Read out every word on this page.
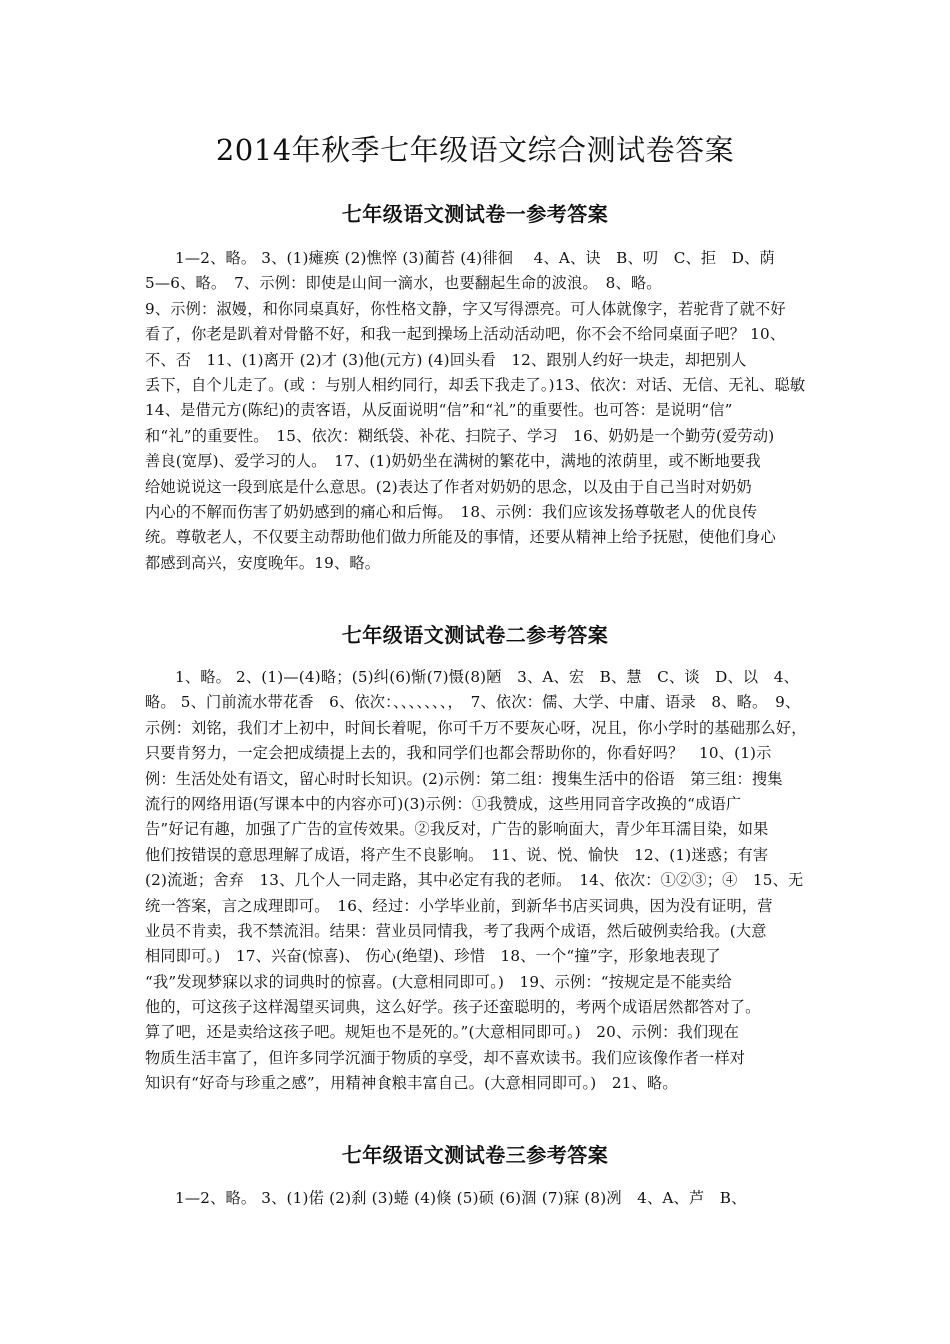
2014年秋季七年级语文综合测试卷答案
七年级语文测试卷一参考答案
1—2、略。 3、(1)瘫痪 (2)憔悴 (3)蔺苔 (4)徘徊　 4、A、诀　B、叨　C、拒　D、荫
5—6、略。　7、示例：即使是山间一滴水，也要翻起生命的波浪。　8、略。
9、示例：淑嫚，和你同桌真好，你性格文静，字又写得漂亮。可人体就像字，若驼背了就不好
看了，你老是趴着对骨骼不好，和我一起到操场上活动活动吧，你不会不给同桌面子吧？ 10、
不、否　11、(1)离开 (2)才 (3)他(元方) (4)回头看　12、跟别人约好一块走，却把别人
丢下，自个儿走了。(或 ：与别人相约同行，却丢下我走了。)13、依次：对话、无信、无礼、聪敏
14、是借元方(陈纪)的责客语，从反面说明“信”和“礼”的重要性。也可答：是说明“信”
和“礼”的重要性。　15、依次：糊纸袋、补花、扫院子、学习　16、奶奶是一个勤劳(爱劳动)
善良(宽厚)、爱学习的人。　17、(1)奶奶坐在满树的繁花中，满地的浓荫里，或不断地要我
给她说说这一段到底是什么意思。(2)表达了作者对奶奶的思念，以及由于自己当时对奶奶
内心的不解而伤害了奶奶感到的痛心和后悔。　18、示例：我们应该发扬尊敬老人的优良传
统。尊敬老人，不仅要主动帮助他们做力所能及的事情，还要从精神上给予抚慰，使他们身心
都感到高兴，安度晚年。19、略。
七年级语文测试卷二参考答案
1、略。 2、(1)—(4)略；(5)纠(6)惭(7)慑(8)陋　3、A、宏　B、慧　C、谈　D、以　4、
略。 5、门前流水带花香　6、依次：、、、、、、、，　7、依次：儒、大学、中庸、语录　8、略。　9、
示例：刘铭，我们才上初中，时间长着呢，你可千万不要灰心呀，况且，你小学时的基础那么好，
只要肯努力，一定会把成绩提上去的，我和同学们也都会帮助你的，你看好吗？　10、(1)示
例：生活处处有语文，留心时时长知识。(2)示例：第二组：搜集生活中的俗语　第三组：搜集
流行的网络用语(写课本中的内容亦可)(3)示例：①我赞成，这些用同音字改换的“成语广
告”好记有趣，加强了广告的宣传效果。②我反对，广告的影响面大，青少年耳濡目染，如果
他们按错误的意思理解了成语，将产生不良影响。　11、说、悦、愉快　12、(1)迷惑；有害
(2)流逝；舍弃　13、几个人一同走路，其中必定有我的老师。　14、依次：①②③；④　15、无
统一答案，言之成理即可。　16、经过：小学毕业前，到新华书店买词典，因为没有证明，营
业员不肯卖，我不禁流泪。结果：营业员同情我，考了我两个成语，然后破例卖给我。(大意
相同即可。)　17、兴奋(惊喜)、 伤心(绝望)、珍惜　18、一个“撞”字，形象地表现了
“我”发现梦寐以求的词典时的惊喜。(大意相同即可。)　19、示例：“按规定是不能卖给
他的，可这孩子这样渴望买词典，这么好学。孩子还蛮聪明的，考两个成语居然都答对了。
算了吧，还是卖给这孩子吧。规矩也不是死的。”(大意相同即可。)　20、示例：我们现在
物质生活丰富了，但许多同学沉湎于物质的享受，却不喜欢读书。我们应该像作者一样对
知识有“好奇与珍重之感”，用精神食粮丰富自己。(大意相同即可。)　21、略。
七年级语文测试卷三参考答案
1—2、略。 3、(1)偌 (2)刹 (3)蜷 (4)倏 (5)硕 (6)涸 (7)寐 (8)冽　4、A、芦　B、
